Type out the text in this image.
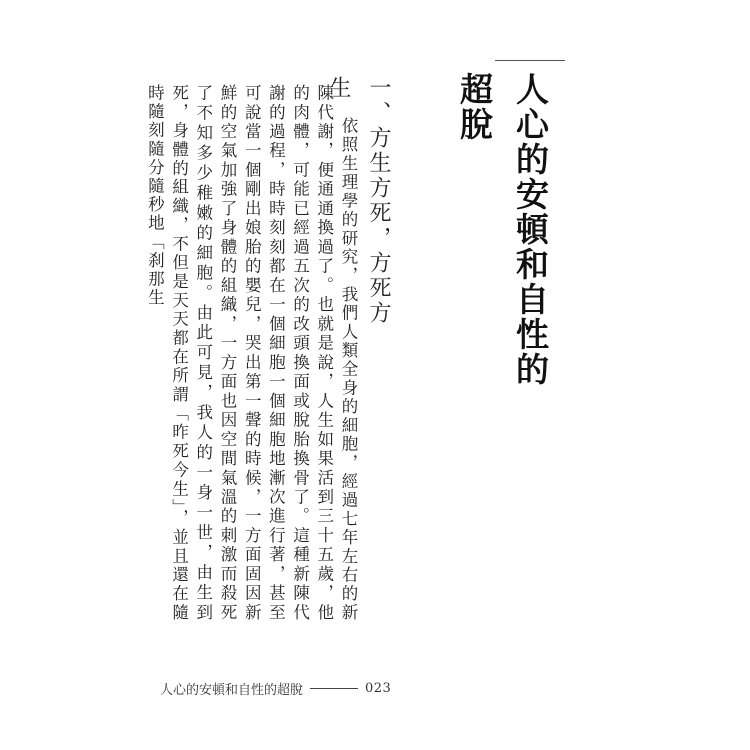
人心的安頓和自性的超脫
一、方生方死，方死方生

依照生理學的研究，我們人類全身的細胞，經過七年左右的新陳代謝，便通通換過了。也就是說，人生如果活到三十五歲，他的肉體，可能已經過五次的改頭換面或脫胎換骨了。這種新陳代謝的過程，時時刻刻都在一個細胞一個細胞地漸次進行著，甚至可說當一個剛出娘胎的嬰兒，哭出第一聲的時候，一方面固因新鮮的空氣加強了身體的組織，一方面也因空間氣溫的刺激而殺死了不知多少稚嫩的細胞。由此可見，我人的一身一世，由生到死，身體的組織，不但是天天都在所謂「昨死今生」，並且還在隨時隨刻隨分隨秒地「刹那生

人心的安頓和自性的超脫	023
